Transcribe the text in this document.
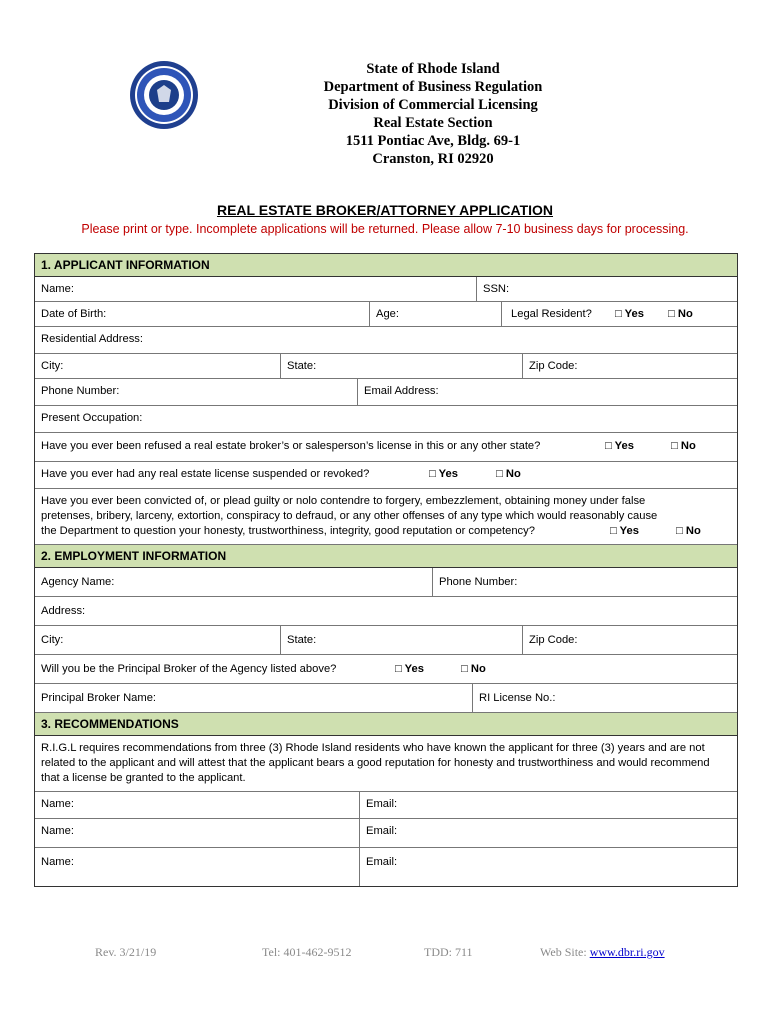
State of Rhode Island
Department of Business Regulation
Division of Commercial Licensing
Real Estate Section
1511 Pontiac Ave, Bldg. 69-1
Cranston, RI 02920
REAL ESTATE BROKER/ATTORNEY APPLICATION
Please print or type. Incomplete applications will be returned. Please allow 7-10 business days for processing.
1. APPLICANT INFORMATION
Name:	SSN:
Date of Birth:	Age:	Legal Resident? □ Yes □ No
Residential Address:
City:	State:	Zip Code:
Phone Number:	Email Address:
Present Occupation:
Have you ever been refused a real estate broker’s or salesperson’s license in this or any other state?	□ Yes	□ No
Have you ever had any real estate license suspended or revoked?	□ Yes	□ No
Have you ever been convicted of, or plead guilty or nolo contendre to forgery, embezzlement, obtaining money under false pretenses, bribery, larceny, extortion, conspiracy to defraud, or any other offenses of any type which would reasonably cause the Department to question your honesty, trustworthiness, integrity, good reputation or competency?	□ Yes	□ No
2. EMPLOYMENT INFORMATION
Agency Name:	Phone Number:
Address:
City:	State:	Zip Code:
Will you be the Principal Broker of the Agency listed above?	□ Yes	□ No
Principal Broker Name:	RI License No.:
3. RECOMMENDATIONS
R.I.G.L requires recommendations from three (3) Rhode Island residents who have known the applicant for three (3) years and are not related to the applicant and will attest that the applicant bears a good reputation for honesty and trustworthiness and would recommend that a license be granted to the applicant.
Name:	Email:
Name:	Email:
Name:	Email:
Rev. 3/21/19	Tel: 401-462-9512	TDD: 711	Web Site: www.dbr.ri.gov
